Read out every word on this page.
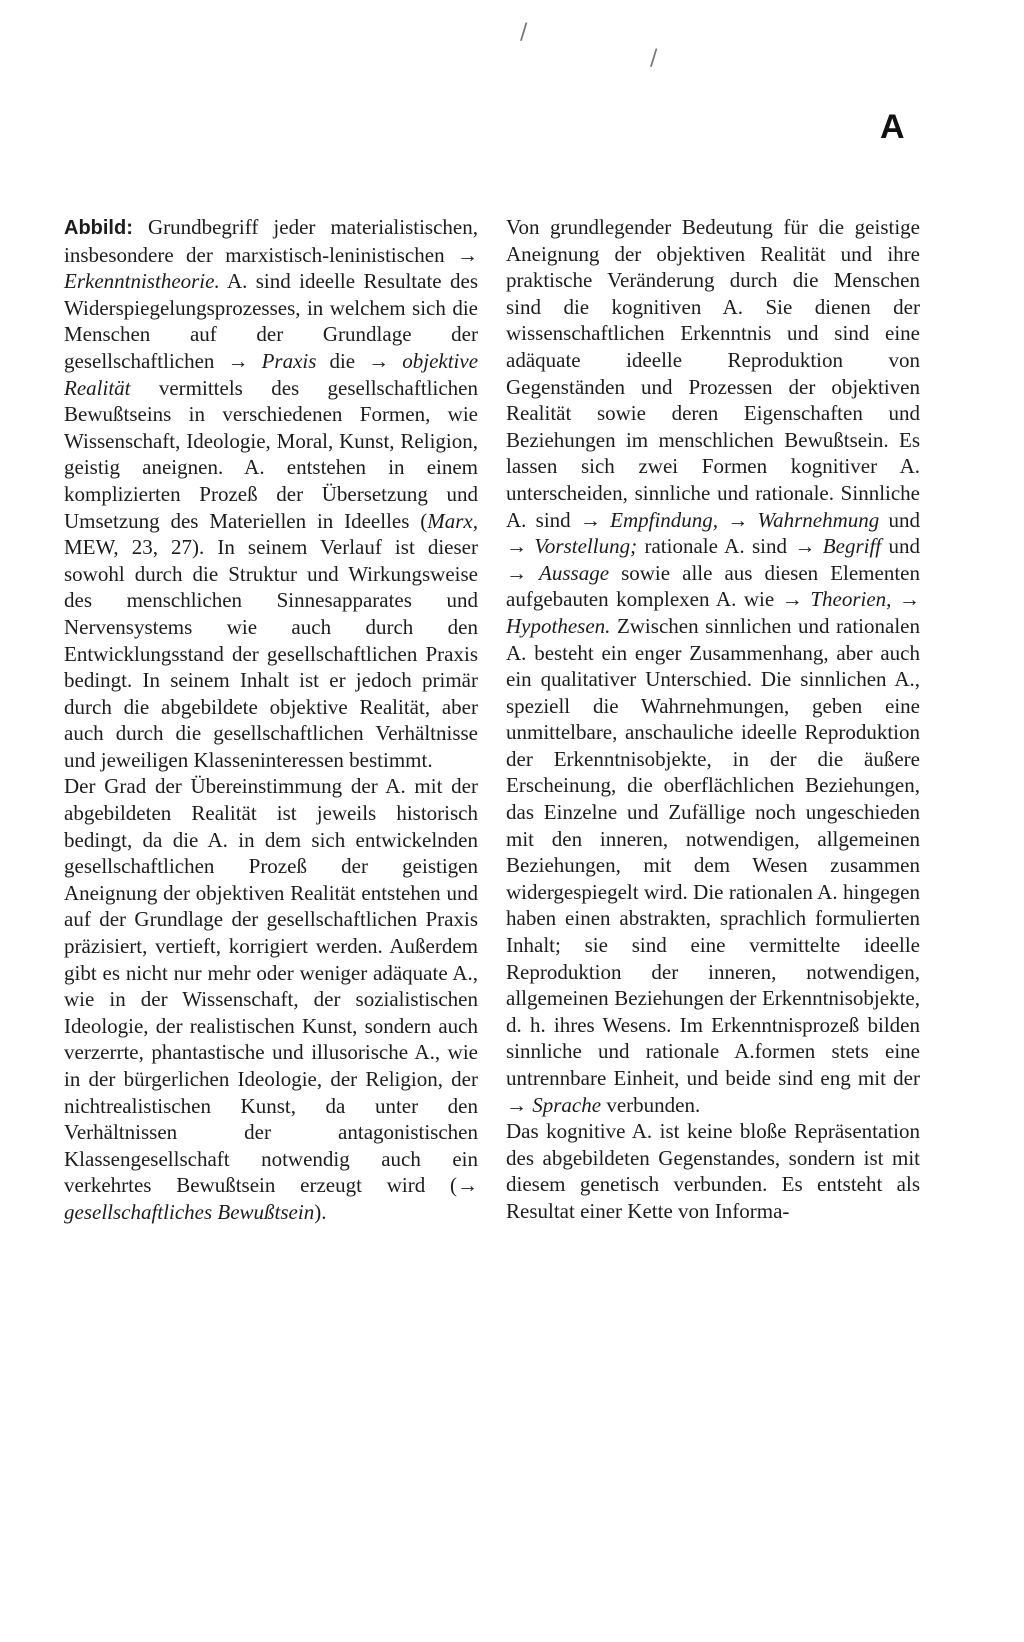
/
/
A

Abbild: Grundbegriff jeder materialistischen, insbesondere der marxistisch-leninistischen → Erkenntnistheorie. A. sind ideelle Resultate des Widerspiegelungsprozesses, in welchem sich die Menschen auf der Grundlage der gesellschaftlichen → Praxis die → objektive Realität vermittels des gesellschaftlichen Bewußtseins in verschiedenen Formen, wie Wissenschaft, Ideologie, Moral, Kunst, Religion, geistig aneignen. A. entstehen in einem komplizierten Prozeß der Übersetzung und Umsetzung des Materiellen in Ideelles (Marx, MEW, 23, 27). In seinem Verlauf ist dieser sowohl durch die Struktur und Wirkungsweise des menschlichen Sinnesapparates und Nervensystems wie auch durch den Entwicklungsstand der gesellschaftlichen Praxis bedingt. In seinem Inhalt ist er jedoch primär durch die abgebildete objektive Realität, aber auch durch die gesellschaftlichen Verhältnisse und jeweiligen Klasseninteressen bestimmt.

Der Grad der Übereinstimmung der A. mit der abgebildeten Realität ist jeweils historisch bedingt, da die A. in dem sich entwickelnden gesellschaftlichen Prozeß der geistigen Aneignung der objektiven Realität entstehen und auf der Grundlage der gesellschaftlichen Praxis präzisiert, vertieft, korrigiert werden. Außerdem gibt es nicht nur mehr oder weniger adäquate A., wie in der Wissenschaft, der sozialistischen Ideologie, der realistischen Kunst, sondern auch verzerrte, phantastische und illusorische A., wie in der bürgerlichen Ideologie, der Religion, der nichtrealistischen Kunst, da unter den Verhältnissen der antagonistischen Klassengesellschaft notwendig auch ein verkehrtes Bewußtsein erzeugt wird (→ gesellschaftliches Bewußtsein).

Von grundlegender Bedeutung für die geistige Aneignung der objektiven Realität und ihre praktische Veränderung durch die Menschen sind die kognitiven A. Sie dienen der wissenschaftlichen Erkenntnis und sind eine adäquate ideelle Reproduktion von Gegenständen und Prozessen der objektiven Realität sowie deren Eigenschaften und Beziehungen im menschlichen Bewußtsein. Es lassen sich zwei Formen kognitiver A. unterscheiden, sinnliche und rationale. Sinnliche A. sind → Empfindung, → Wahrnehmung und → Vorstellung; rationale A. sind → Begriff und → Aussage sowie alle aus diesen Elementen aufgebauten komplexen A. wie → Theorien, → Hypothesen. Zwischen sinnlichen und rationalen A. besteht ein enger Zusammenhang, aber auch ein qualitativer Unterschied. Die sinnlichen A., speziell die Wahrnehmungen, geben eine unmittelbare, anschauliche ideelle Reproduktion der Erkenntnisobjekte, in der die äußere Erscheinung, die oberflächlichen Beziehungen, das Einzelne und Zufällige noch ungeschieden mit den inneren, notwendigen, allgemeinen Beziehungen, mit dem Wesen zusammen widergespiegelt wird. Die rationalen A. hingegen haben einen abstrakten, sprachlich formulierten Inhalt; sie sind eine vermittelte ideelle Reproduktion der inneren, notwendigen, allgemeinen Beziehungen der Erkenntnisobjekte, d. h. ihres Wesens. Im Erkenntnisprozeß bilden sinnliche und rationale A.formen stets eine untrennbare Einheit, und beide sind eng mit der → Sprache verbunden.

Das kognitive A. ist keine bloße Repräsentation des abgebildeten Gegenstandes, sondern ist mit diesem genetisch verbunden. Es entsteht als Resultat einer Kette von Informa-
